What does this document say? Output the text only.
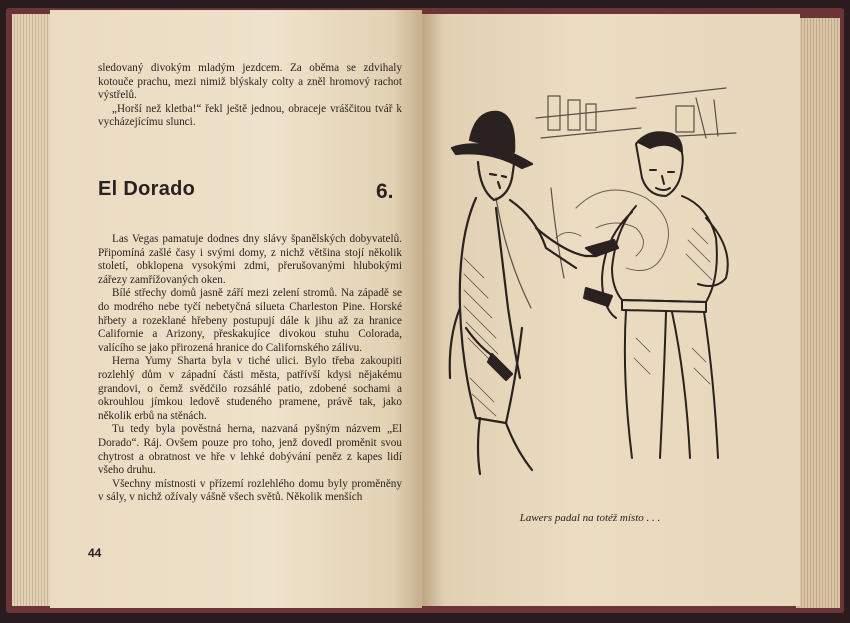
sledovaný divokým mladým jezdcem. Za oběma se zdvihaly kotouče prachu, mezi nimiž blýskaly colty a zněl hromový rachot výstřelů.

„Horší než kletba!“ řekl ještě jednou, obraceje vráščitou tvář k vycházejícímu slunci.

El Dorado	6.

Las Vegas pamatuje dodnes dny slávy španělských dobyvatelů. Připomíná zašlé časy i svými domy, z nichž většina stojí několik století, obklopena vysokými zdmi, přerušovanými hlubokými zářezy zamřížovaných oken.

Bílé střechy domů jasně září mezi zelení stromů. Na západě se do modrého nebe tyčí nebetyčná silueta Charleston Pine. Horské hřbety a rozeklané hřebeny postupují dále k jihu až za hranice Californie a Arizony, přeskakujíce divokou stuhu Colorada, valícího se jako přirozená hranice do Californského zálivu.

Herna Yumy Sharta byla v tiché ulici. Bylo třeba zakoupiti rozlehlý dům v západní části města, patřívší kdysi nějakému grandovi, o čemž svědčilo rozsáhlé patio, zdobené sochami a okrouhlou jímkou ledově studeného pramene, právě tak, jako několik erbů na stěnách.

Tu tedy byla povĕstná herna, nazvaná pyšným názvem „El Dorado“. Ráj. Ovšem pouze pro toho, jenž dovedl proměnit svou chytrost a obratnost ve hře v lehké dobývání peněz z kapes lidí všeho druhu.

Všechny místnosti v přízemí rozlehlého domu byly proměněny v sály, v nichž ožívaly vášně všech světů. Několik menších

44
Lawers padal na totéž místo . . .
